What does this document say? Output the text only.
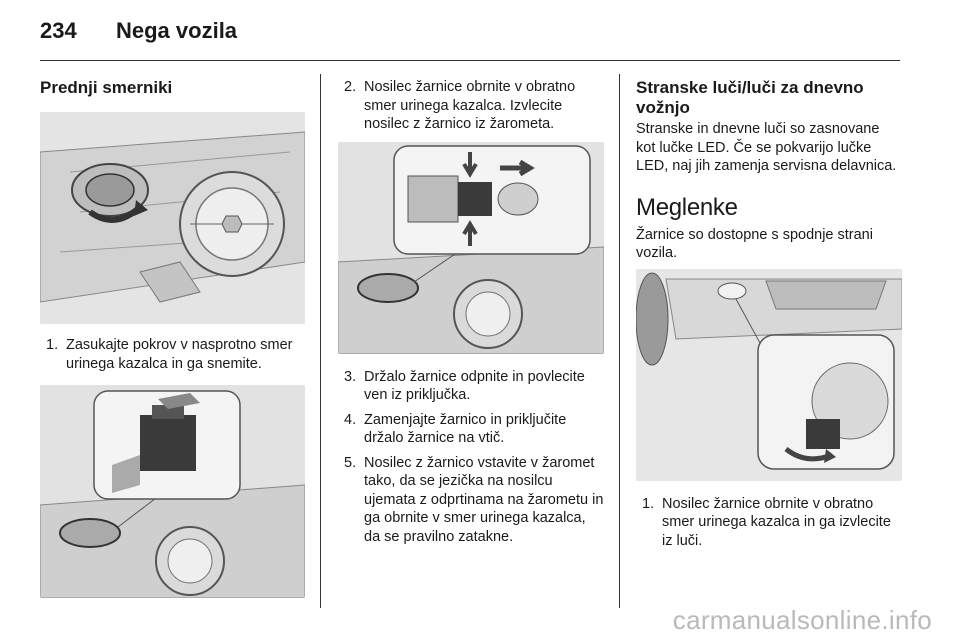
234 Nega vozila
Prednji smerniki
1. Zasukajte pokrov v nasprotno smer urinega kazalca in ga snemite.
2. Nosilec žarnice obrnite v obratno smer urinega kazalca. Izvlecite nosilec z žarnico iz žarometa.
3. Držalo žarnice odpnite in povlecite ven iz priključka.
4. Zamenjajte žarnico in priključite držalo žarnice na vtič.
5. Nosilec z žarnico vstavite v žaromet tako, da se jezička na nosilcu ujemata z odprtinama na žarometu in ga obrnite v smer urinega kazalca, da se pravilno zatakne.
Stranske luči/luči za dnevno vožnjo

Stranske in dnevne luči so zasnovane kot lučke LED. Če se pokvarijo lučke LED, naj jih zamenja servisna delavnica.

Meglenke

Žarnice so dostopne s spodnje strani vozila.

1. Nosilec žarnice obrnite v obratno smer urinega kazalca in ga izvlecite iz luči.
carmanualsonline.info
